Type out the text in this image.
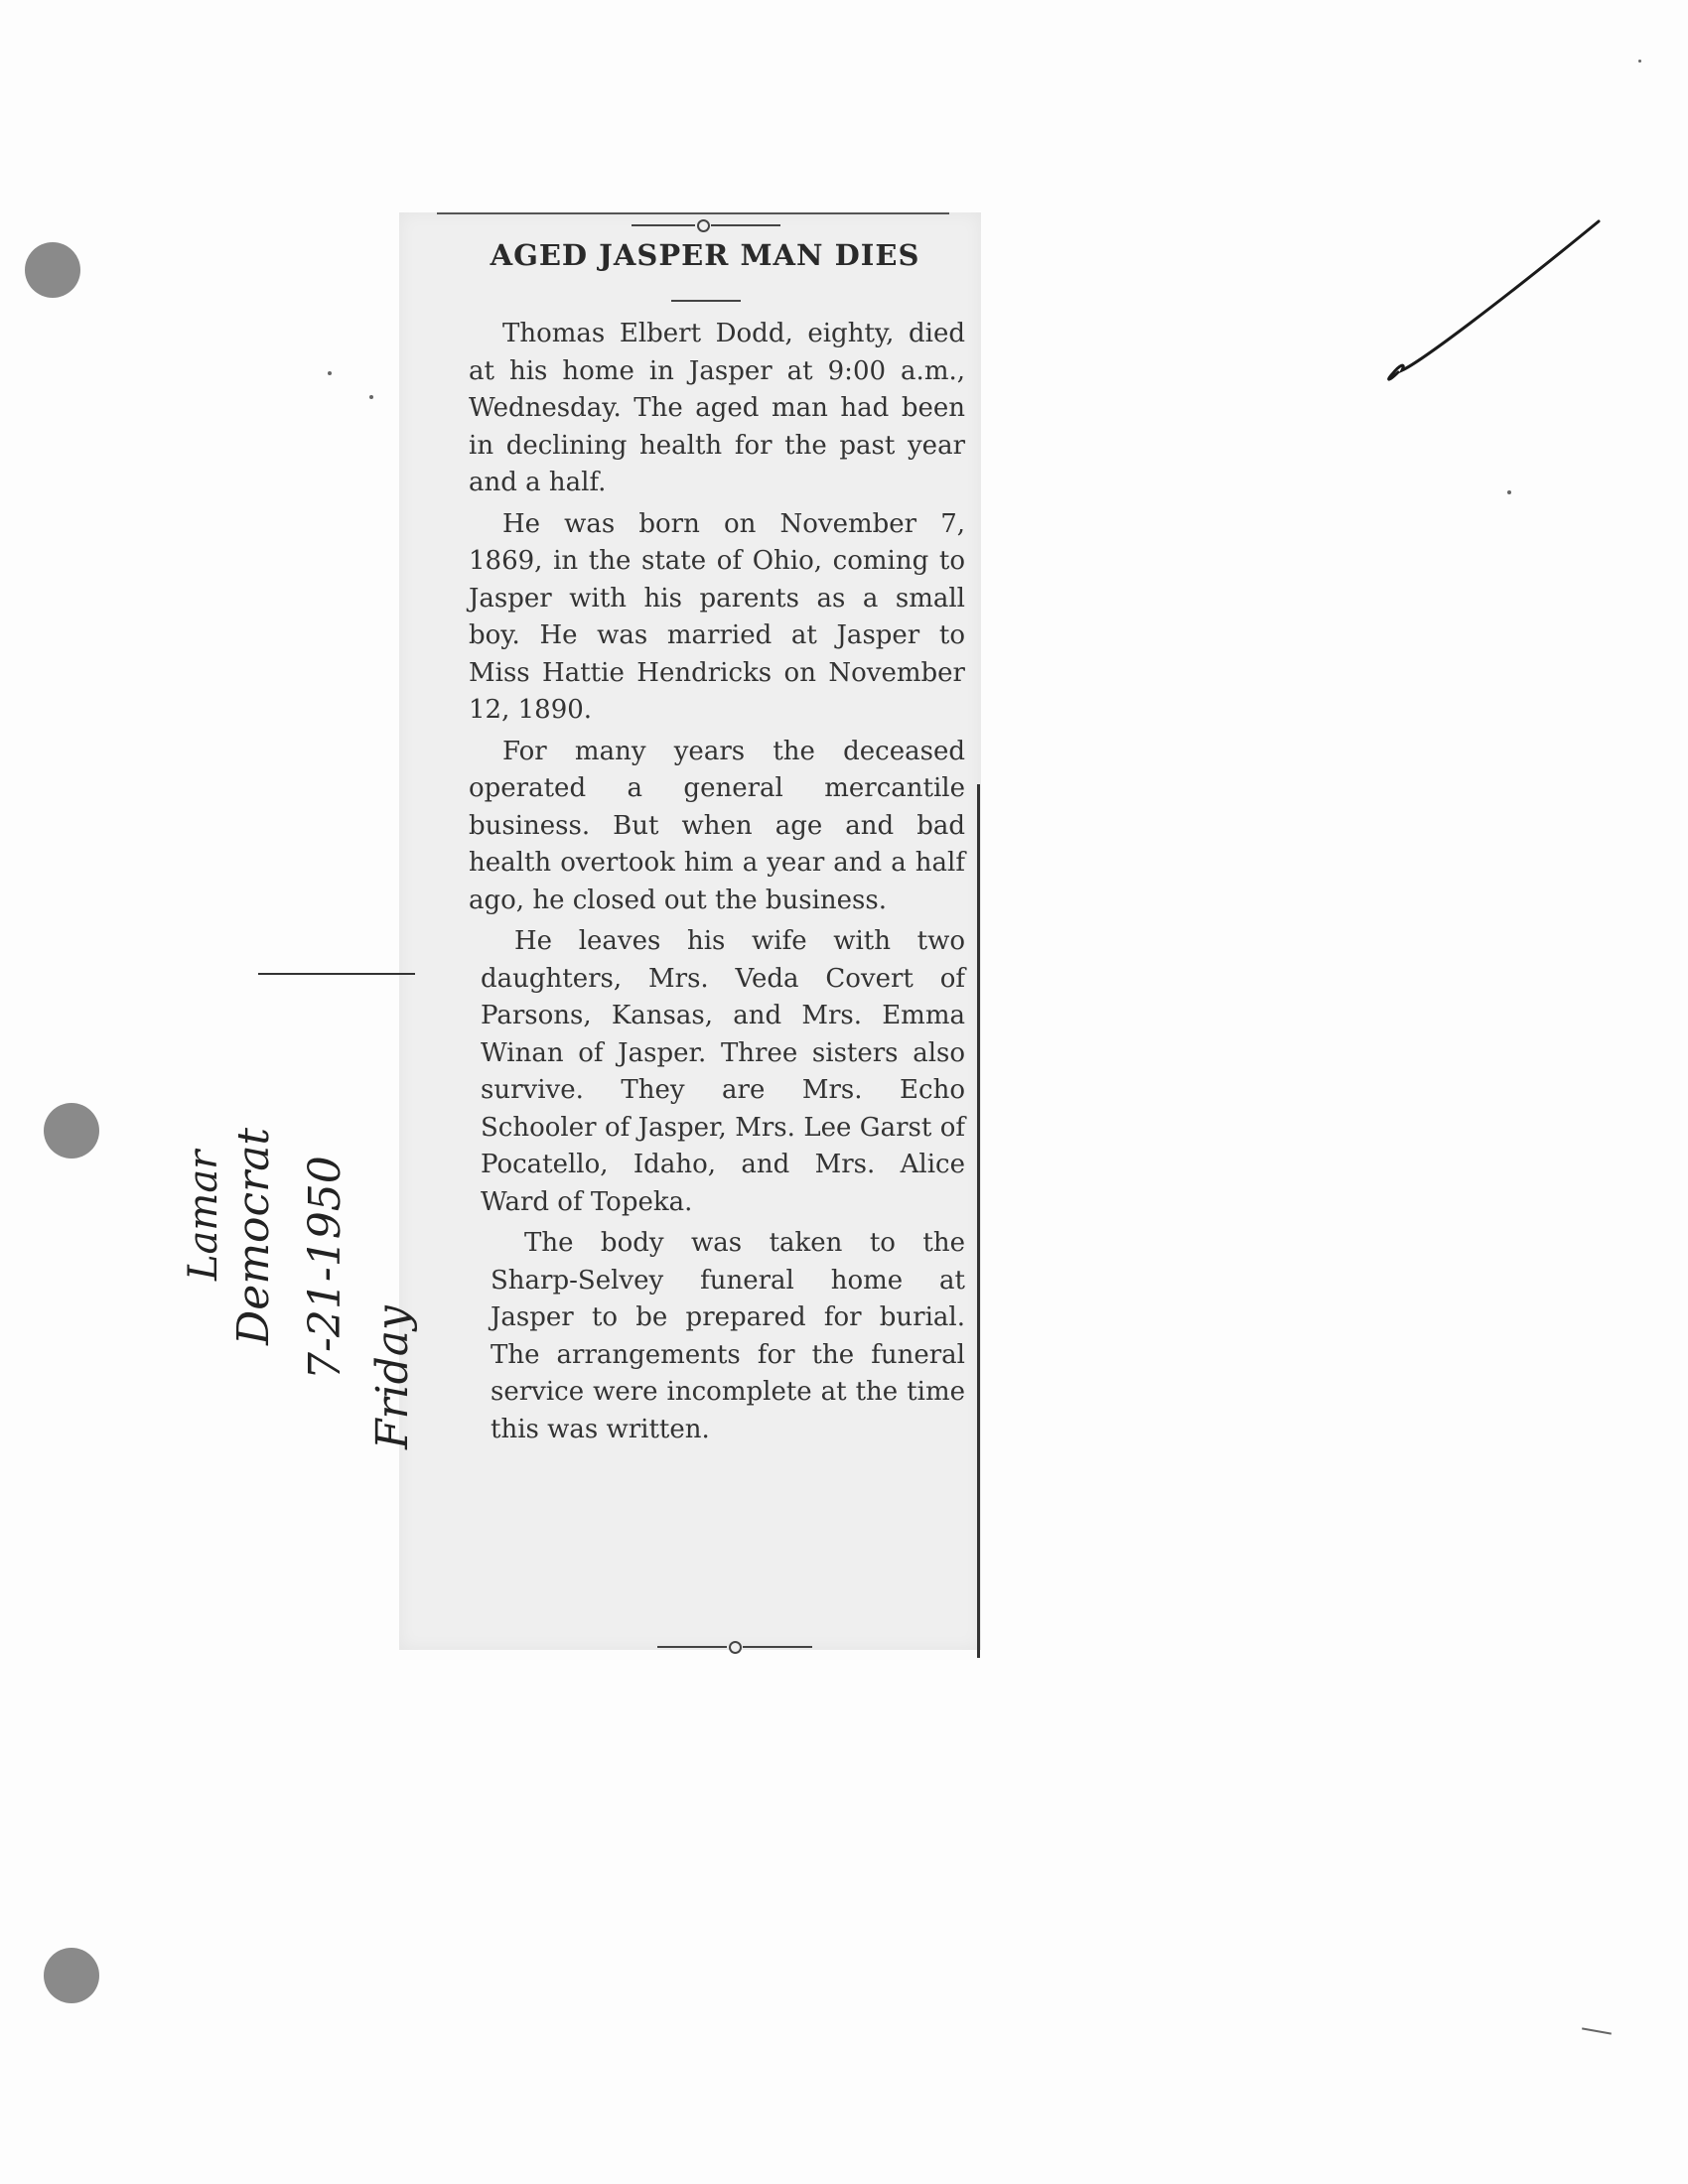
AGED JASPER MAN DIES

Thomas Elbert Dodd, eighty, died at his home in Jasper at 9:00 a.m., Wednesday. The aged man had been in declining health for the past year and a half.

He was born on November 7, 1869, in the state of Ohio, coming to Jasper with his parents as a small boy. He was married at Jasper to Miss Hattie Hendricks on November 12, 1890.

For many years the deceased operated a general mercantile business. But when age and bad health overtook him a year and a half ago, he closed out the business.

He leaves his wife with two daughters, Mrs. Veda Covert of Parsons, Kansas, and Mrs. Emma Winan of Jasper. Three sisters also survive. They are Mrs. Echo Schooler of Jasper, Mrs. Lee Garst of Pocatello, Idaho, and Mrs. Alice Ward of Topeka.

The body was taken to the Sharp-Selvey funeral home at Jasper to be prepared for burial. The arrangements for the funeral service were incomplete at the time this was written.

Lamar Democrat 7-21-1950 Friday
